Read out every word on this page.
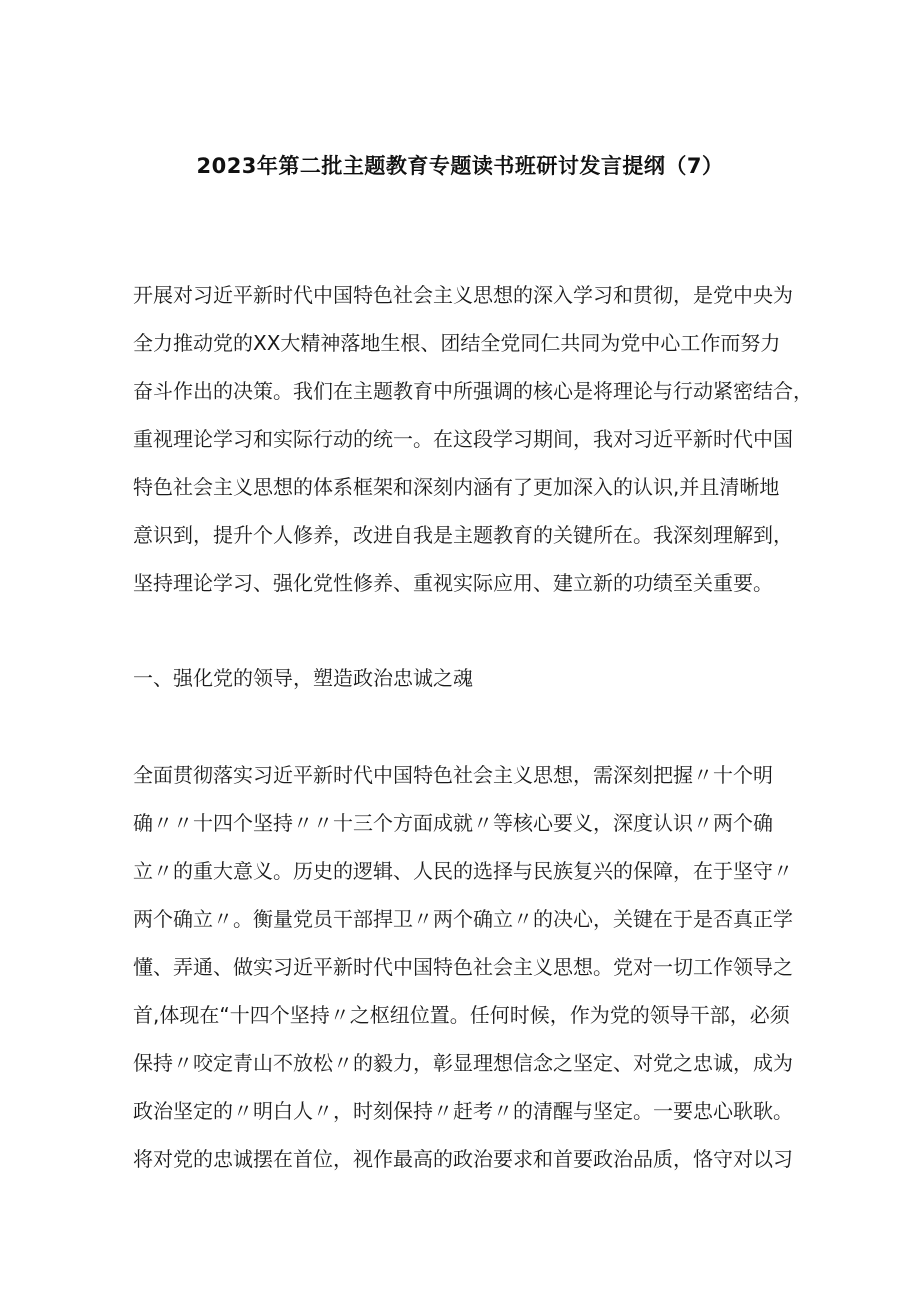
2023年第二批主题教育专题读书班研讨发言提纲（7）
开展对习近平新时代中国特色社会主义思想的深入学习和贯彻，是党中央为
全力推动党的XX大精神落地生根、团结全党同仁共同为党中心工作而努力
奋斗作出的决策。我们在主题教育中所强调的核心是将理论与行动紧密结合，
重视理论学习和实际行动的统一。在这段学习期间，我对习近平新时代中国
特色社会主义思想的体系框架和深刻内涵有了更加深入的认识,并且清晰地
意识到，提升个人修养，改进自我是主题教育的关键所在。我深刻理解到，
坚持理论学习、强化党性修养、重视实际应用、建立新的功绩至关重要。
一、强化党的领导，塑造政治忠诚之魂
全面贯彻落实习近平新时代中国特色社会主义思想，需深刻把握〃十个明
确〃〃十四个坚持〃〃十三个方面成就〃等核心要义，深度认识〃两个确
立〃的重大意义。历史的逻辑、人民的选择与民族复兴的保障，在于坚守〃
两个确立〃。衡量党员干部捍卫〃两个确立〃的决心，关键在于是否真正学
懂、弄通、做实习近平新时代中国特色社会主义思想。党对一切工作领导之
首,体现在“十四个坚持〃之枢纽位置。任何时候，作为党的领导干部，必须
保持〃咬定青山不放松〃的毅力，彰显理想信念之坚定、对党之忠诚，成为
政治坚定的〃明白人〃，时刻保持〃赶考〃的清醒与坚定。一要忠心耿耿。
将对党的忠诚摆在首位，视作最高的政治要求和首要政治品质，恪守对以习
